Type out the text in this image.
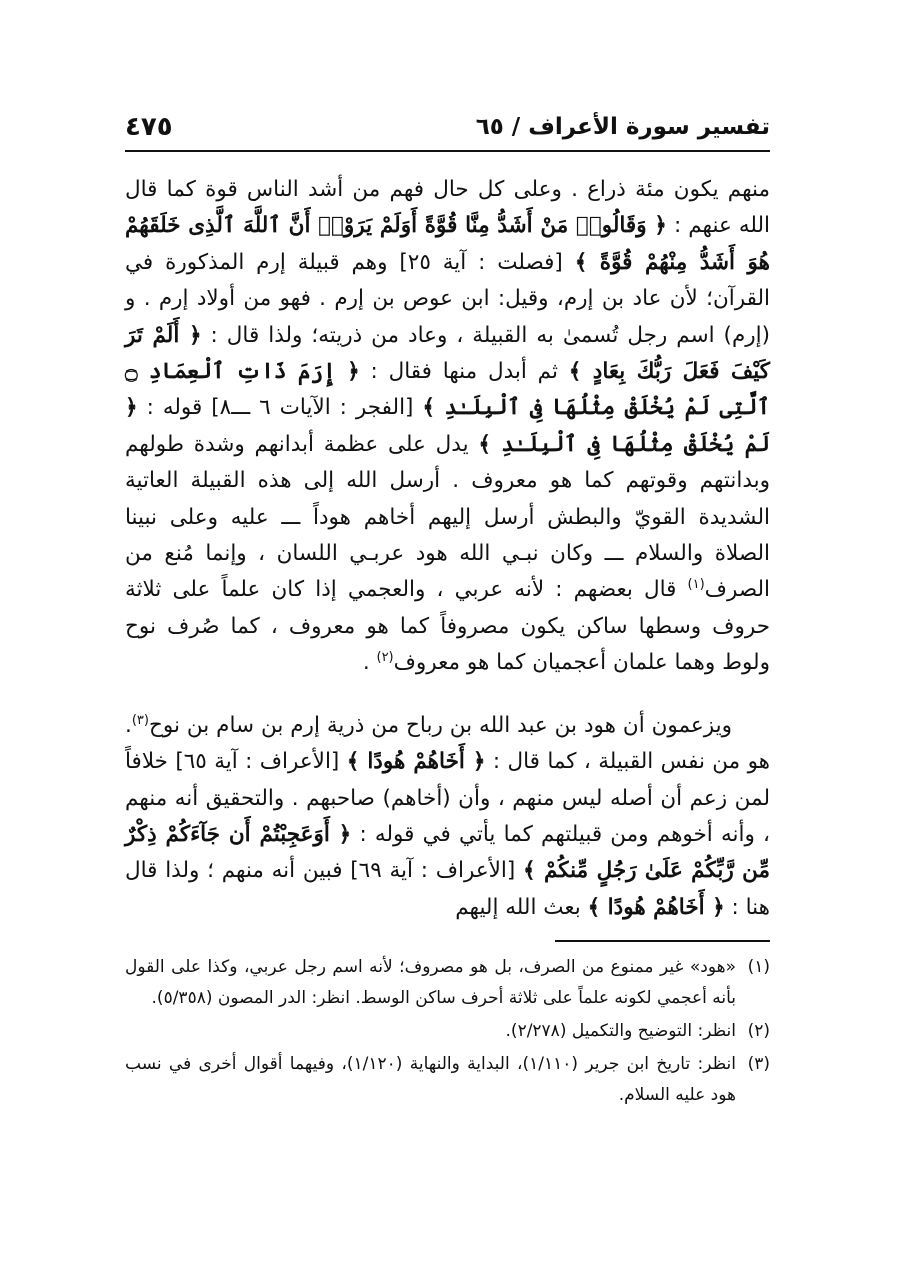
تفسير سورة الأعراف / ٦٥
٤٧٥

منهم يكون مئة ذراع . وعلى كل حال فهم من أشد الناس قوة كما قال الله عنهم : ﴿ وَقَالُوا۟ مَنْ أَشَدُّ مِنَّا قُوَّةً أَوَلَمْ يَرَوْا۟ أَنَّ ٱللَّهَ ٱلَّذِى خَلَقَهُمْ هُوَ أَشَدُّ مِنْهُمْ قُوَّةً ﴾ [فصلت : آية ٢٥] وهم قبيلة إرم المذكورة في القرآن؛ لأن عاد بن إرم، وقيل: ابن عوص بن إرم . فهو من أولاد إرم . و (إرم) اسم رجل تُسمىٰ به القبيلة ، وعاد من ذريته؛ ولذا قال : ﴿ أَلَمْ تَرَ كَيْفَ فَعَلَ رَبُّكَ بِعَادٍ ﴾ ثم أبدل منها فقال : ﴿ إِرَمَ ذَاتِ ٱلْعِمَادِ ۝ ٱلَّتِى لَمْ يُخْلَقْ مِثْلُهَا فِى ٱلْبِلَـٰدِ ﴾ [الفجر : الآيات ٦ ـــ٨] قوله : ﴿ لَمْ يُخْلَقْ مِثْلُهَا فِى ٱلْبِلَـٰدِ ﴾ يدل على عظمة أبدانهم وشدة طولهم وبدانتهم وقوتهم كما هو معروف . أرسل الله إلى هذه القبيلة العاتية الشديدة القويّ والبطش أرسل إليهم أخاهم هوداً ـــ عليه وعلى نبينا الصلاة والسلام ـــ وكان نبـي الله هود عربـي اللسان ، وإنما مُنع من الصرف$^{(١)}$ قال بعضهم : لأنه عربي ، والعجمي إذا كان علماً على ثلاثة حروف وسطها ساكن يكون مصروفاً كما هو معروف ، كما صُرف نوح ولوط وهما علمان أعجميان كما هو معروف$^{(٢)}$ .

ويزعمون أن هود بن عبد الله بن رباح من ذرية إرم بن سام بن نوح$^{(٣)}$. هو من نفس القبيلة ، كما قال : ﴿ أَخَاهُمْ هُودًا ﴾ [الأعراف : آية ٦٥] خلافاً لمن زعم أن أصله ليس منهم ، وأن (أخاهم) صاحبهم . والتحقيق أنه منهم ، وأنه أخوهم ومن قبيلتهم كما يأتي في قوله : ﴿ أَوَعَجِبْتُمْ أَن جَآءَكُمْ ذِكْرٌ مِّن رَّبِّكُمْ عَلَىٰ رَجُلٍ مِّنكُمْ ﴾ [الأعراف : آية ٦٩] فبين أنه منهم ؛ ولذا قال هنا : ﴿ أَخَاهُمْ هُودًا ﴾ بعث الله إليهم

(١)
«هود» غير ممنوع من الصرف، بل هو مصروف؛ لأنه اسم رجل عربي، وكذا على القول بأنه أعجمي لكونه علماً على ثلاثة أحرف ساكن الوسط. انظر: الدر المصون (٥/٣٥٨).
(٢)
انظر: التوضيح والتكميل (٢/٢٧٨).
(٣)
انظر: تاريخ ابن جرير (١/١١٠)، البداية والنهاية (١/١٢٠)، وفيهما أقوال أخرى في نسب هود عليه السلام.
